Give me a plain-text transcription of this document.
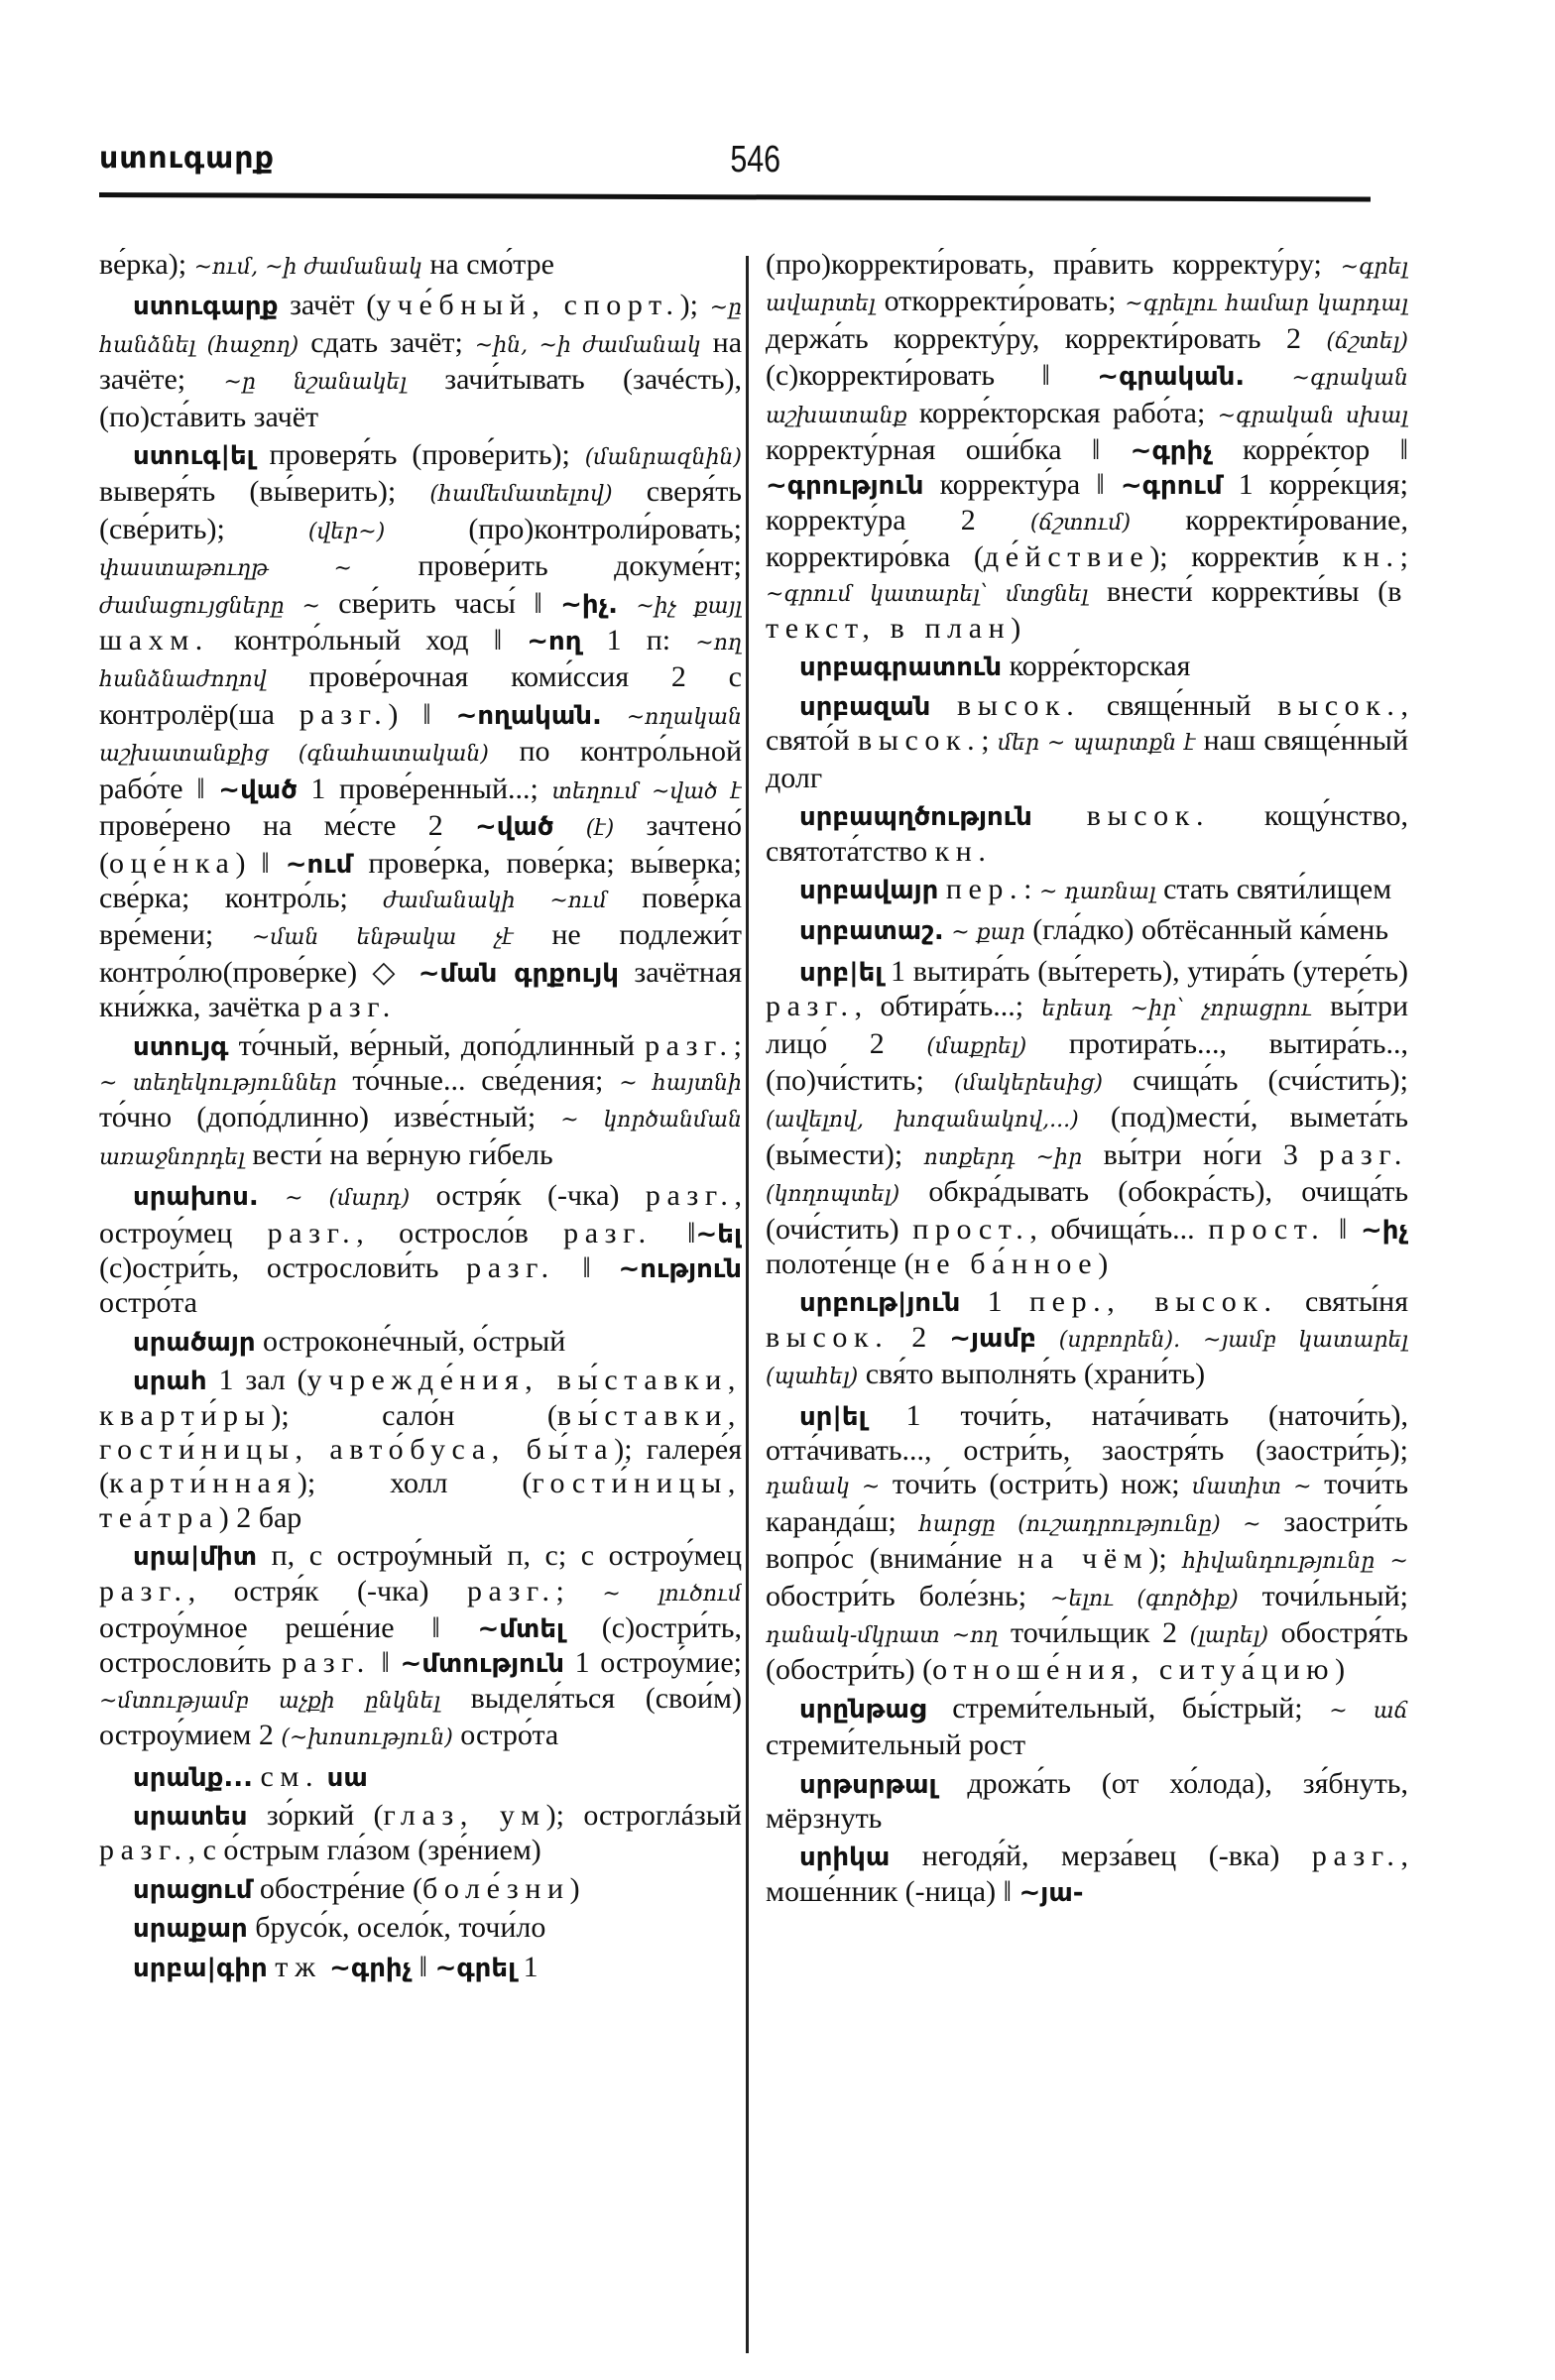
ստուգարք	546

ве́рка); ~ում, ~ի ժամանակ на смо́тре

ստուգարք зачёт (уче́бный, спорт.); ~ը հանձնել (հաջող) сдать зачёт; ~ին, ~ի ժամանակ на зачёте; ~ը նշանակել зачи́тывать (зачéсть), (по)ста́вить зачёт

ստուգ|ել проверя́ть (прове́рить); (մանրազնին) выверя́ть (вы́верить); (համեմատելով) сверя́ть (све́рить); (վեր~) (про)контроли́ровать; փաստաթուղթ ~ прове́рить докуме́нт; ժամացույցները ~ све́рить часы́ ‖ ~իչ. ~իչ քայլ шахм. контро́льный ход ‖ ~ող 1 п: ~ող հանձնաժողով прове́рочная коми́ссия 2 с контролёр(ша разг.) ‖ ~ողական. ~ողական աշխատանքից (գնահատական) по контро́льной рабо́те ‖ ~ված 1 прове́ренный...; տեղում ~ված է прове́рено на ме́сте 2 ~ված (է) зачтено́ (оце́нка) ‖ ~ում прове́рка, пове́рка; вы́верка; све́рка; контро́ль; ժամանակի ~ում пове́рка вре́мени; ~ման ենթակա չէ не подлежи́т контро́лю(прове́рке) ◇ ~ման գրքույկ зачётная кни́жка, зачётка разг.

ստույգ то́чный, ве́рный, допо́длинный разг.; ~ տեղեկություններ то́чные... све́дения; ~ հայտնի то́чно (допо́длинно) изве́стный; ~ կործանման առաջնորդել вести́ на ве́рную ги́бель

սրախոս. ~ (մարդ) остря́к (-чка) разг., остроу́мец разг., остросло́в разг. ‖~ել (с)остри́ть, острослови́ть разг. ‖ ~ություն остро́та

սրածայր остроконе́чный, о́стрый

սրահ 1 зал (учрежде́ния, вы́ставки, кварти́ры); сало́н (вы́ставки, гости́ницы, авто́буса, бы́та); галере́я (карти́нная); холл (гости́ницы, теа́тра) 2 бар

սրա|միտ п, с остроу́мный п, с; с остроу́мец разг., остря́к (-чка) разг.; ~ լուծում остроу́мное реше́ние ‖ ~մտել (с)остри́ть, острослови́ть разг. ‖ ~մտություն 1 остроу́мие; ~մտությամբ աչքի ընկնել выделя́ться (свои́м) остроу́мием 2 (~խոսություն) остро́та

սրանք... см. սա

սրատես зо́ркий (глаз, ум); остроглáзый разг., с о́стрым гла́зом (зре́нием)

սրացում обостре́ние (боле́зни)

սրաքար брусо́к, осело́к, точи́ло

սրբա|գիր тж ~գրիչ ‖ ~գրել 1

(про)корректи́ровать, пра́вить корректу́ру; ~գրել ավարտել откорректи́ровать; ~գրելու համար կարդալ держа́ть корректу́ру, корректи́ровать 2 (ճշտել) (с)корректи́ровать ‖ ~գրական. ~գրական աշխատանք корре́кторская рабо́та; ~գրական սխալ корректу́рная оши́бка ‖ ~գրիչ корре́ктор ‖ ~գրություն корректу́ра ‖ ~գրում 1 корре́кция; корректу́ра 2 (ճշտում) корректи́рование, корректиро́вка (де́йствие); корректи́в кн.; ~գրում կատարել՝ մտցնել внести́ корректи́вы (в текст, в план)

սրբագրատուն корре́кторская

սրբազան высок. свяще́нный высок., свято́й высок.; մեր ~ պարտքն է наш свяще́нный долг

սրբապղծություն высок. кощу́нство, святота́тство кн.

սրբավայր пер.: ~ դառնալ стать святи́лищем

սրբատաշ. ~ քար (гла́дко) обтёсанный ка́мень

սրբ|ել 1 вытира́ть (вы́тереть), утира́ть (утере́ть) разг., обтира́ть...; երեսդ ~իր՝ չորացրու вы́три лицо́ 2 (մաքրել) протира́ть..., вытира́ть.., (по)чи́стить; (մակերեսից) счища́ть (счи́стить); (ավելով, խոզանակով,...) (под)мести́, вымета́ть (вы́мести); ոտքերդ ~իր вы́три но́ги 3 разг. (կողոպտել) обкра́дывать (обокра́сть), очища́ть (очи́стить) прост., обчища́ть... прост. ‖ ~իչ полоте́нце (не ба́нное)

սրբութ|յուն 1 пер., высок. святы́ня высок. 2 ~յամբ (սրբորեն). ~յամբ կատարել (պահել) свя́то выполня́ть (храни́ть)

սր|ել 1 точи́ть, ната́чивать (наточи́ть), отта́чивать..., остри́ть, заостря́ть (заостри́ть); դանակ ~ точи́ть (остри́ть) нож; մատիտ ~ точи́ть каранда́ш; հարցը (ուշադրությունը) ~ заостри́ть вопро́с (внима́ние на чём); հիվանդությունը ~ обостри́ть боле́знь; ~ելու (գործիք) точи́льный; դանակ-մկրատ ~ող точи́льщик 2 (լարել) обостря́ть (обостри́ть) (отноше́ния, ситуа́цию)

սրընթաց стреми́тельный, бы́стрый; ~ աճ стреми́тельный рост

սրթսրթալ дрожа́ть (от хо́лода), зя́бнуть, мёрзнуть

սրիկա негодя́й, мерза́вец (-вка) разг., моше́нник (-ница) ‖ ~յա-
